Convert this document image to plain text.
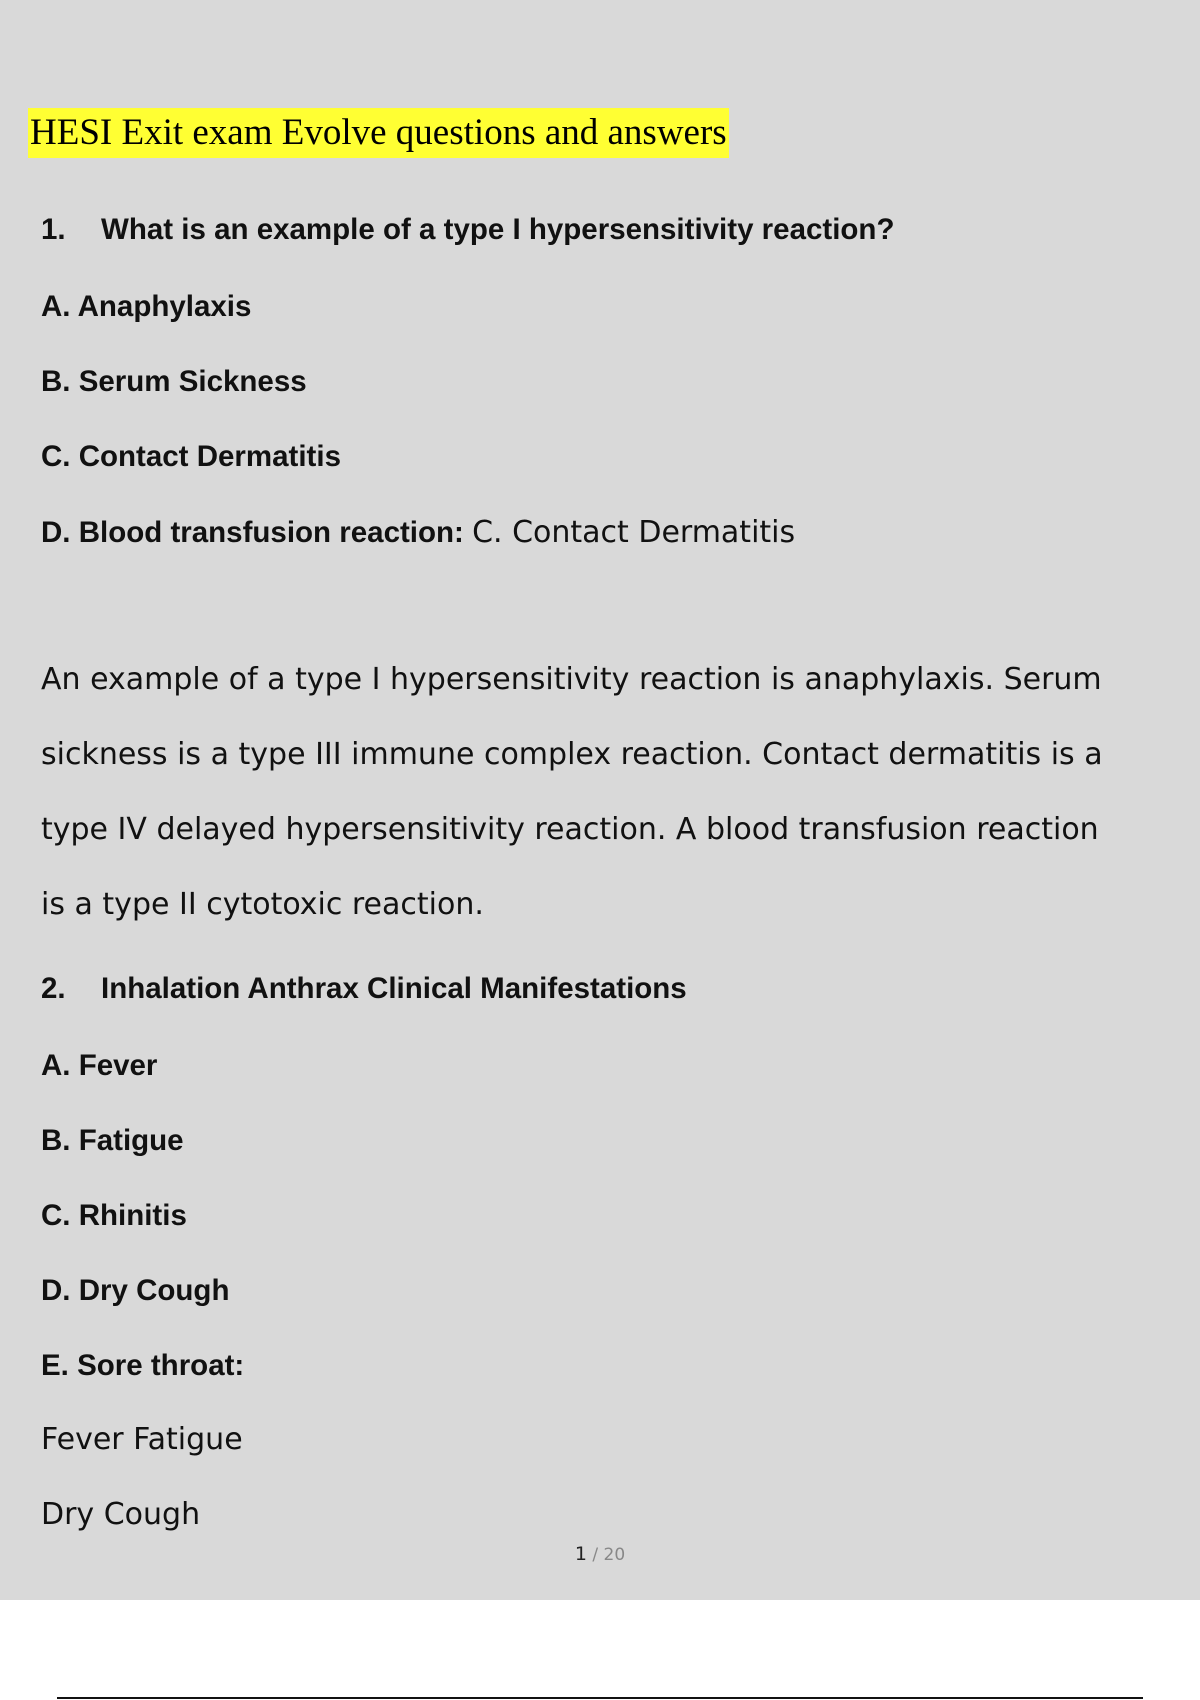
HESI Exit exam Evolve questions and answers
1. What is an example of a type I hypersensitivity reaction?
A. Anaphylaxis
B. Serum Sickness
C. Contact Dermatitis
D. Blood transfusion reaction: C. Contact Dermatitis
An example of a type I hypersensitivity reaction is anaphylaxis. Serum
sickness is a type III immune complex reaction. Contact dermatitis is a
type IV delayed hypersensitivity reaction. A blood transfusion reaction
is a type II cytotoxic reaction.
2. Inhalation Anthrax Clinical Manifestations
A. Fever
B. Fatigue
C. Rhinitis
D. Dry Cough
E. Sore throat:
Fever Fatigue
Dry Cough
1 / 20
